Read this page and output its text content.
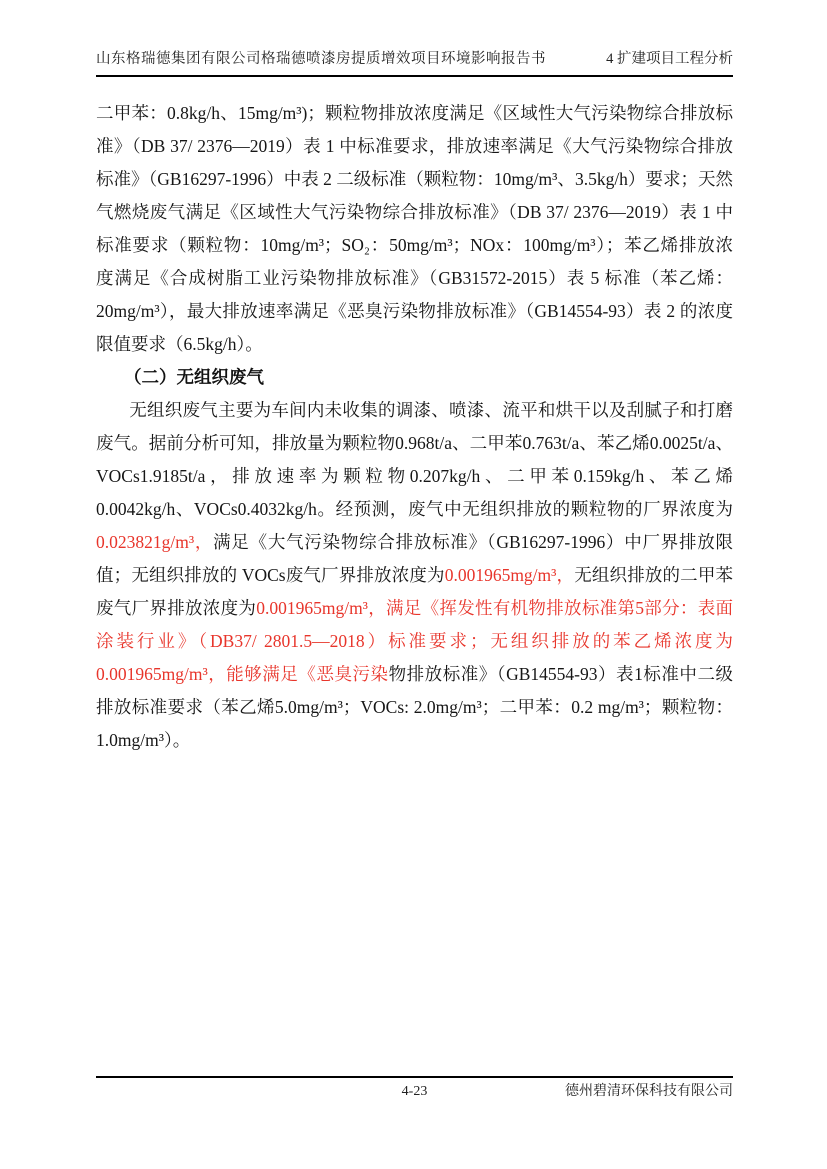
山东格瑞德集团有限公司格瑞德喷漆房提质增效项目环境影响报告书	4 扩建项目工程分析

二甲苯：0.8kg/h、15mg/m³)；颗粒物排放浓度满足《区域性大气污染物综合排放标准》（DB 37/ 2376—2019）表 1 中标准要求，排放速率满足《大气污染物综合排放标准》（GB16297-1996）中表 2 二级标准（颗粒物：10mg/m³、3.5kg/h）要求；天然气燃烧废气满足《区域性大气污染物综合排放标准》（DB 37/ 2376—2019）表 1 中标准要求（颗粒物：10mg/m³；SO₂：50mg/m³；NOx：100mg/m³）；苯乙烯排放浓度满足《合成树脂工业污染物排放标准》（GB31572-2015）表 5 标准（苯乙烯：20mg/m³），最大排放速率满足《恶臭污染物排放标准》（GB14554-93）表 2 的浓度限值要求（6.5kg/h）。

（二）无组织废气

无组织废气主要为车间内未收集的调漆、喷漆、流平和烘干以及刮腻子和打磨废气。据前分析可知，排放量为颗粒物0.968t/a、二甲苯0.763t/a、苯乙烯0.0025t/a、VOCs1.9185t/a，排放速率为颗粒物0.207kg/h、二甲苯0.159kg/h、苯乙烯0.0042kg/h、VOCs0.4032kg/h。经预测，废气中无组织排放的颗粒物的厂界浓度为0.023821g/m³，满足《大气污染物综合排放标准》（GB16297-1996）中厂界排放限值；无组织排放的 VOCs废气厂界排放浓度为0.001965mg/m³，无组织排放的二甲苯废气厂界排放浓度为0.001965mg/m³，满足《挥发性有机物排放标准第5部分：表面涂装行业》（DB37/ 2801.5—2018）标准要求；无组织排放的苯乙烯浓度为0.001965mg/m³，能够满足《恶臭污染物排放标准》（GB14554-93）表1标准中二级排放标准要求（苯乙烯5.0mg/m³；VOCs: 2.0mg/m³；二甲苯：0.2 mg/m³；颗粒物：1.0mg/m³）。

4-23	德州碧清环保科技有限公司
